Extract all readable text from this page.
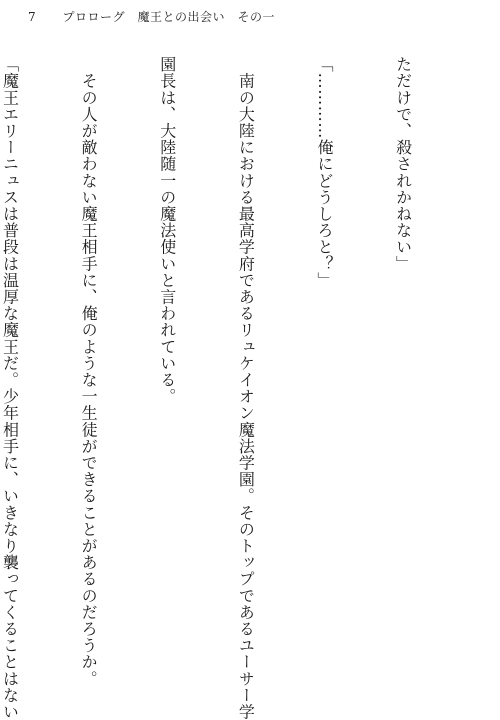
7 プロローグ　魔王との出会い　その一

ただけで、殺されかねない」

「…………俺にどうしろと？」

　南の大陸における最高学府であるリュケイオン魔法学園。そのトップであるユーサー学

園長は、大陸随一の魔法使いと言われている。

　その人が敵わない魔王相手に、俺のような一生徒ができることがあるのだろうか。

「魔王エリーニュスは普段は温厚な魔王だ。少年相手に、いきなり襲ってくることはない
